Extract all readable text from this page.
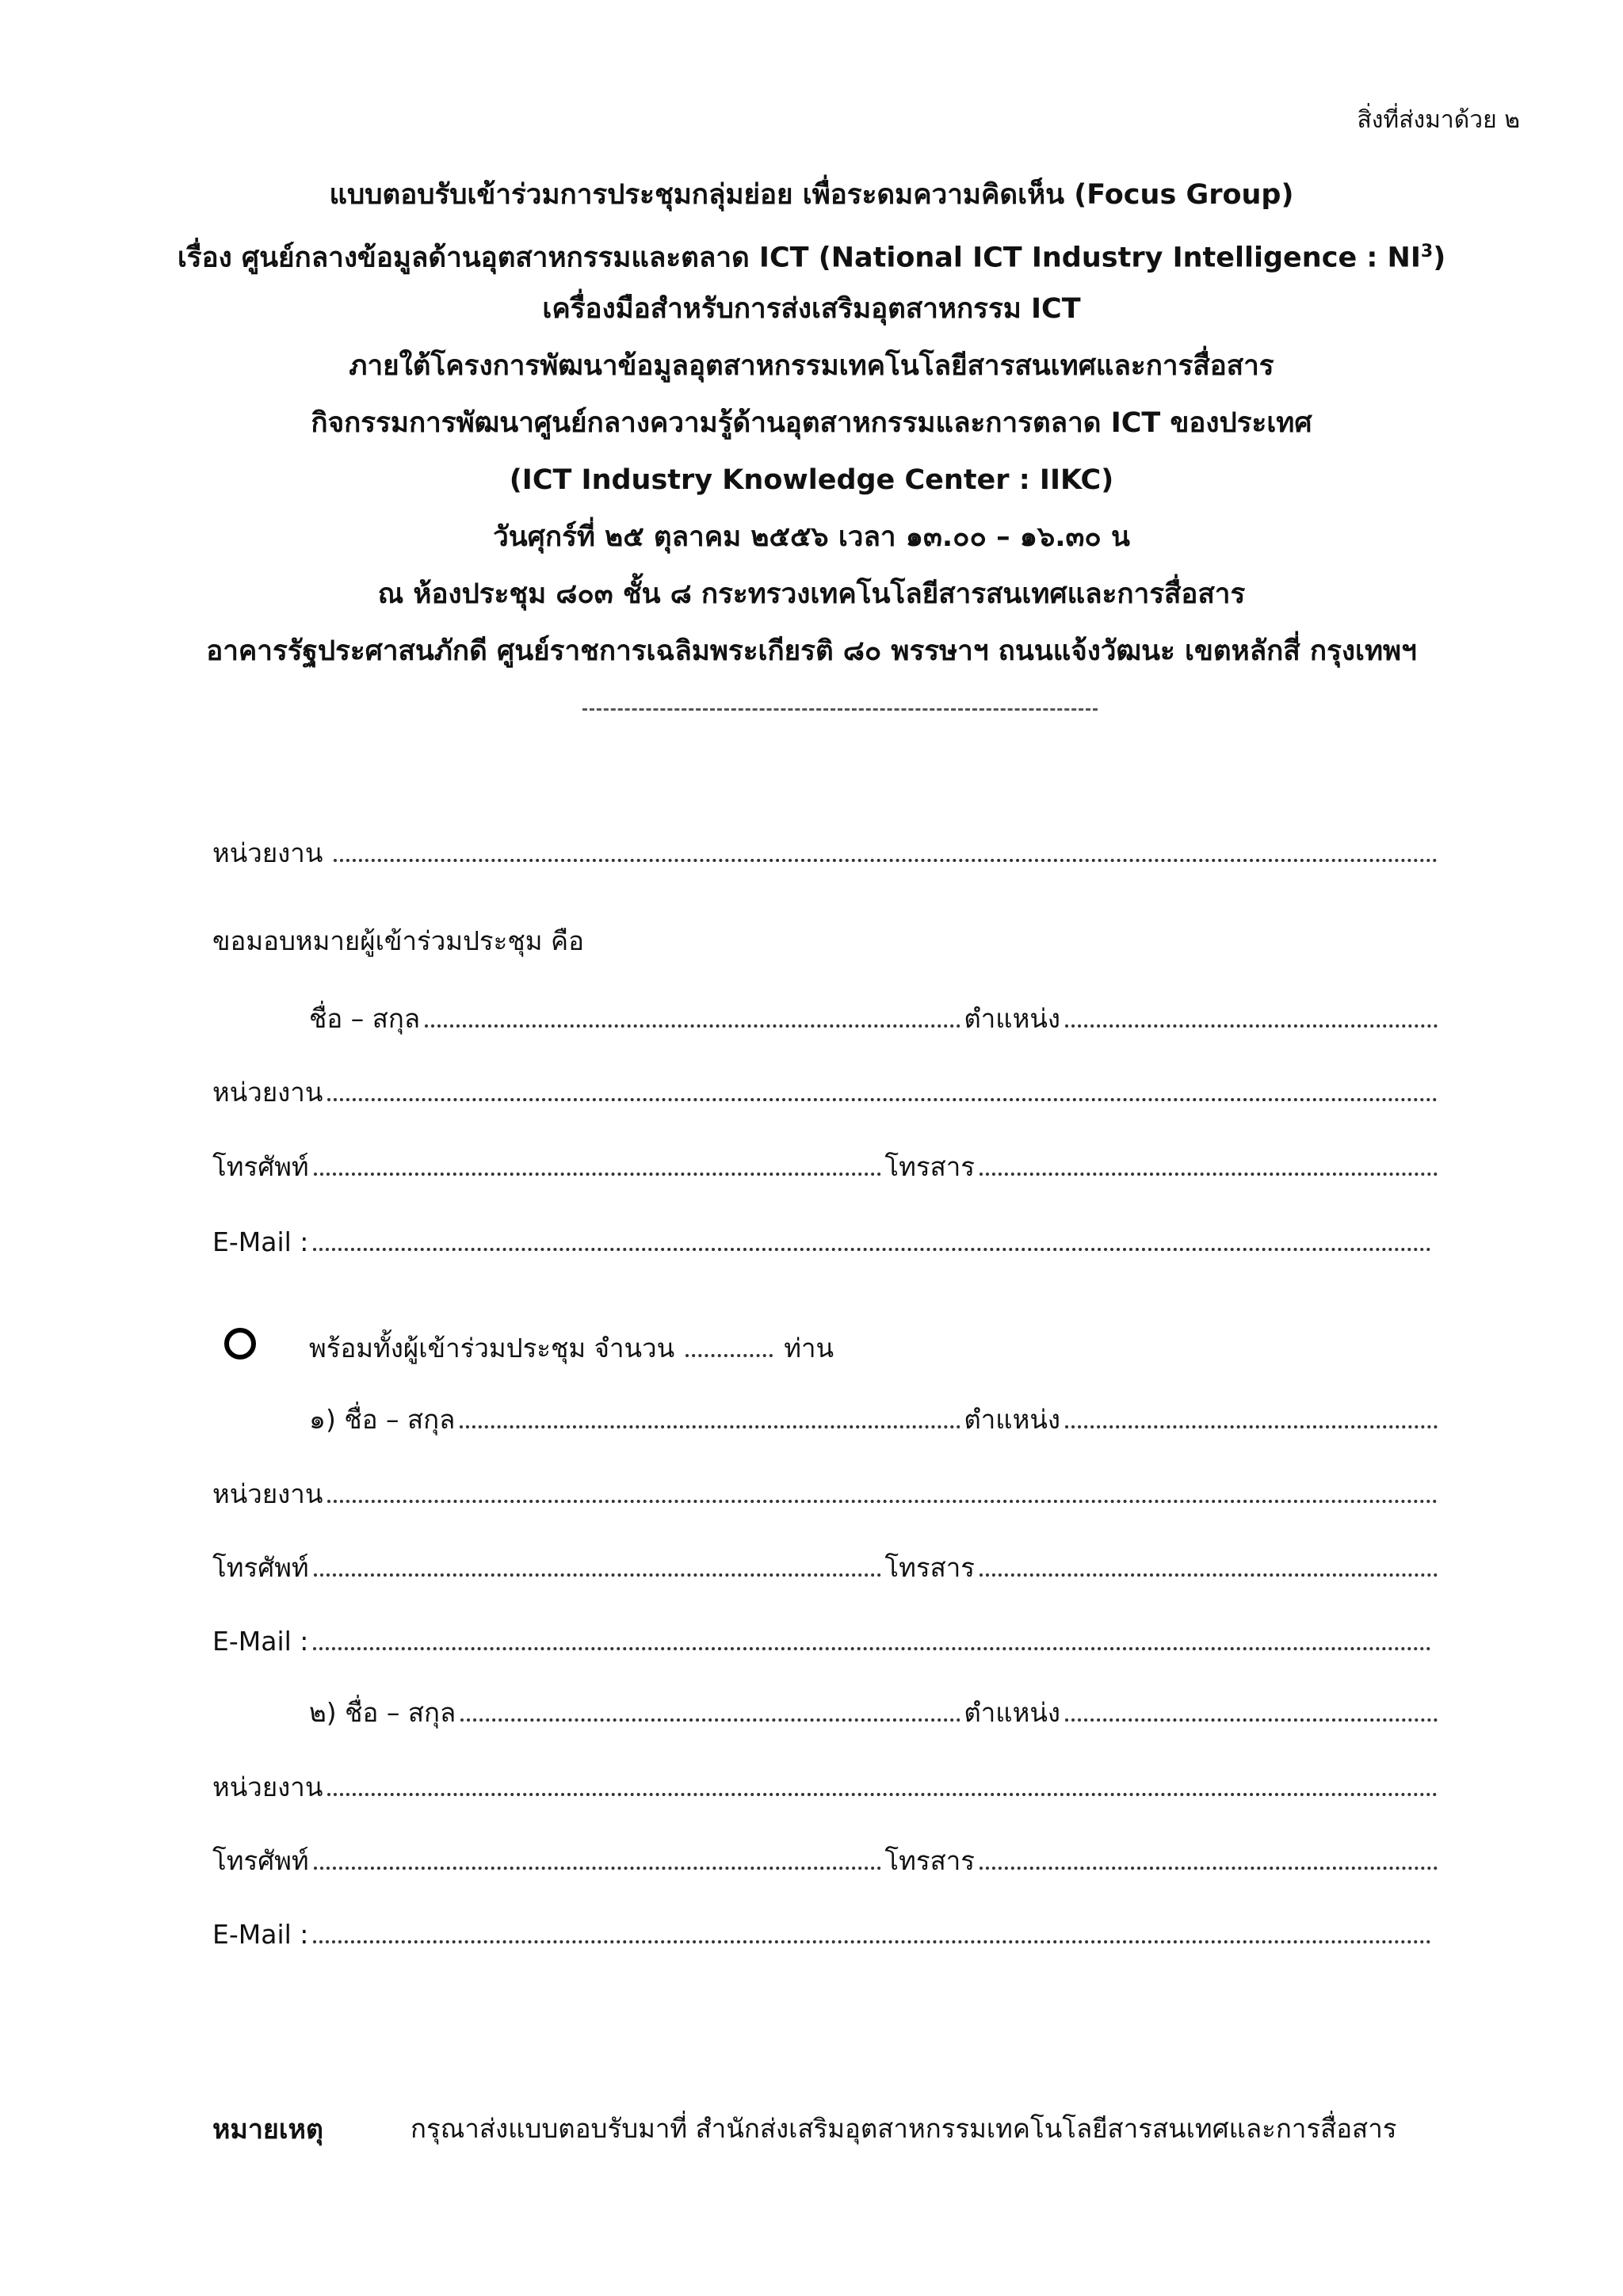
สิ่งที่ส่งมาด้วย ๒
แบบตอบรับเข้าร่วมการประชุมกลุ่มย่อย เพื่อระดมความคิดเห็น (Focus Group)
เรื่อง ศูนย์กลางข้อมูลด้านอุตสาหกรรมและตลาด ICT (National ICT Industry Intelligence : $NI^3$)
เครื่องมือสำหรับการส่งเสริมอุตสาหกรรม ICT
ภายใต้โครงการพัฒนาข้อมูลอุตสาหกรรมเทคโนโลยีสารสนเทศและการสื่อสาร
กิจกรรมการพัฒนาศูนย์กลางความรู้ด้านอุตสาหกรรมและการตลาด ICT ของประเทศ
(ICT Industry Knowledge Center : IIKC)
วันศุกร์ที่ ๒๕ ตุลาคม ๒๕๕๖ เวลา ๑๓.๐๐ – ๑๖.๓๐ น
ณ ห้องประชุม ๘๐๓ ชั้น ๘ กระทรวงเทคโนโลยีสารสนเทศและการสื่อสาร
อาคารรัฐประศาสนภักดี ศูนย์ราชการเฉลิมพระเกียรติ ๘๐ พรรษาฯ ถนนแจ้งวัฒนะ เขตหลักสี่ กรุงเทพฯ
หน่วยงาน
ขอมอบหมายผู้เข้าร่วมประชุม คือ
ชื่อ – สกุล	ตำแหน่ง
หน่วยงาน
โทรศัพท์	โทรสาร
E-Mail :
พร้อมทั้งผู้เข้าร่วมประชุม จำนวน	ท่าน
๑)
ชื่อ – สกุล	ตำแหน่ง
หน่วยงาน
โทรศัพท์	โทรสาร
E-Mail :
๒)
ชื่อ – สกุล	ตำแหน่ง
หน่วยงาน
โทรศัพท์	โทรสาร
E-Mail :
หมายเหตุ	กรุณาส่งแบบตอบรับมาที่ สำนักส่งเสริมอุตสาหกรรมเทคโนโลยีสารสนเทศและการสื่อสาร
